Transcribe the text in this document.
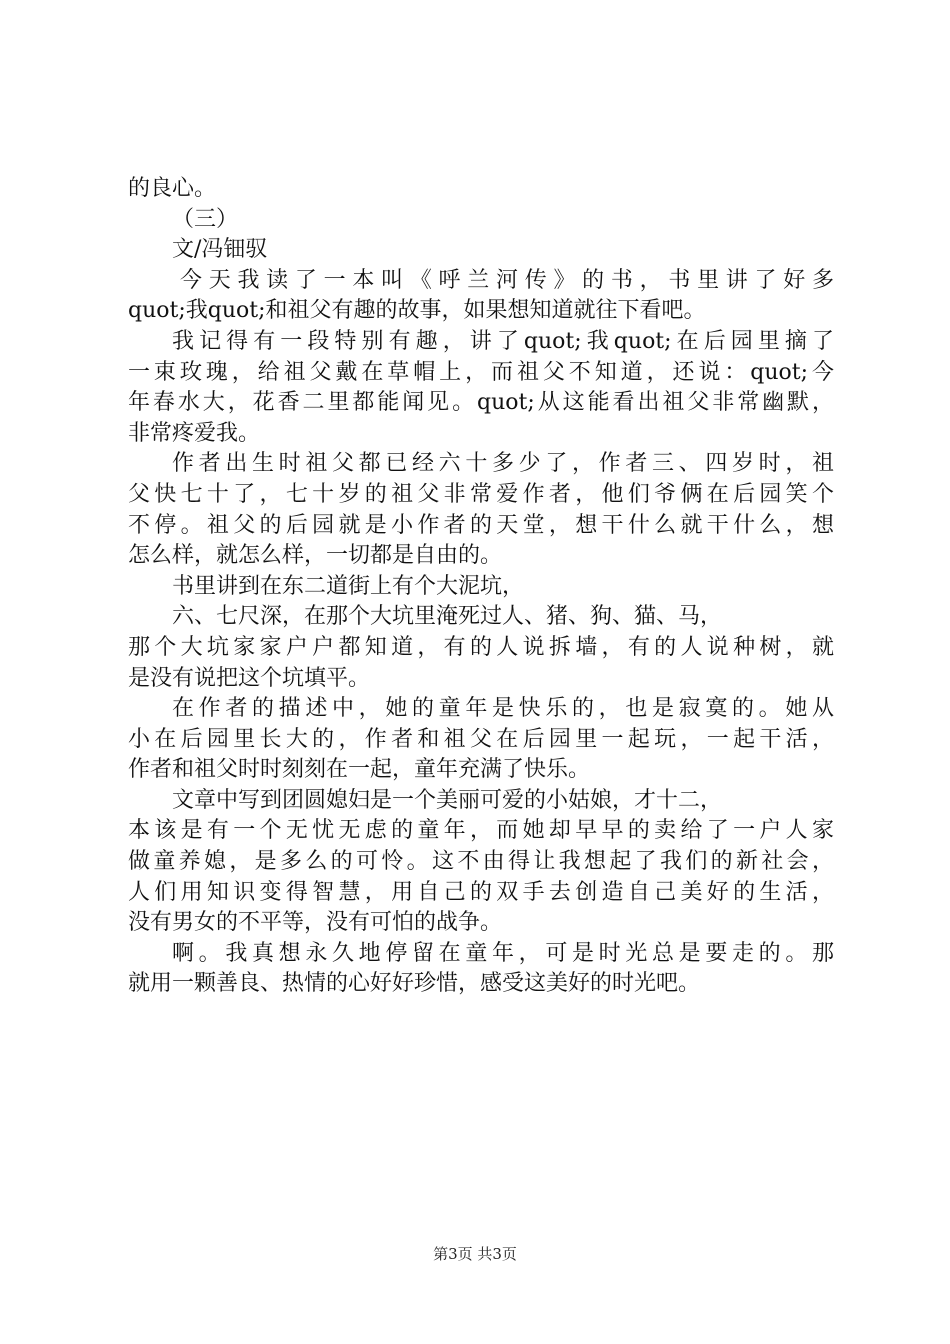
的良心。
（三）
文/冯钿驭
今天我读了一本叫《呼兰河传》的书，书里讲了好多
quot;我quot;和祖父有趣的故事，如果想知道就往下看吧。
我记得有一段特别有趣，讲了quot;我quot;在后园里摘了
一束玫瑰，给祖父戴在草帽上，而祖父不知道，还说：quot;今
年春水大，花香二里都能闻见。quot;从这能看出祖父非常幽默，
非常疼爱我。
作者出生时祖父都已经六十多少了，作者三、四岁时，祖
父快七十了，七十岁的祖父非常爱作者，他们爷俩在后园笑个
不停。祖父的后园就是小作者的天堂，想干什么就干什么，想
怎么样，就怎么样，一切都是自由的。
书里讲到在东二道街上有个大泥坑，
六、七尺深，在那个大坑里淹死过人、猪、狗、猫、马，
那个大坑家家户户都知道，有的人说拆墙，有的人说种树，就
是没有说把这个坑填平。
在作者的描述中，她的童年是快乐的，也是寂寞的。她从
小在后园里长大的，作者和祖父在后园里一起玩，一起干活，
作者和祖父时时刻刻在一起，童年充满了快乐。
文章中写到团圆媳妇是一个美丽可爱的小姑娘，才十二，
本该是有一个无忧无虑的童年，而她却早早的卖给了一户人家
做童养媳，是多么的可怜。这不由得让我想起了我们的新社会，
人们用知识变得智慧，用自己的双手去创造自己美好的生活，
没有男女的不平等，没有可怕的战争。
啊。我真想永久地停留在童年，可是时光总是要走的。那
就用一颗善良、热情的心好好珍惜，感受这美好的时光吧。
第3页 共3页
